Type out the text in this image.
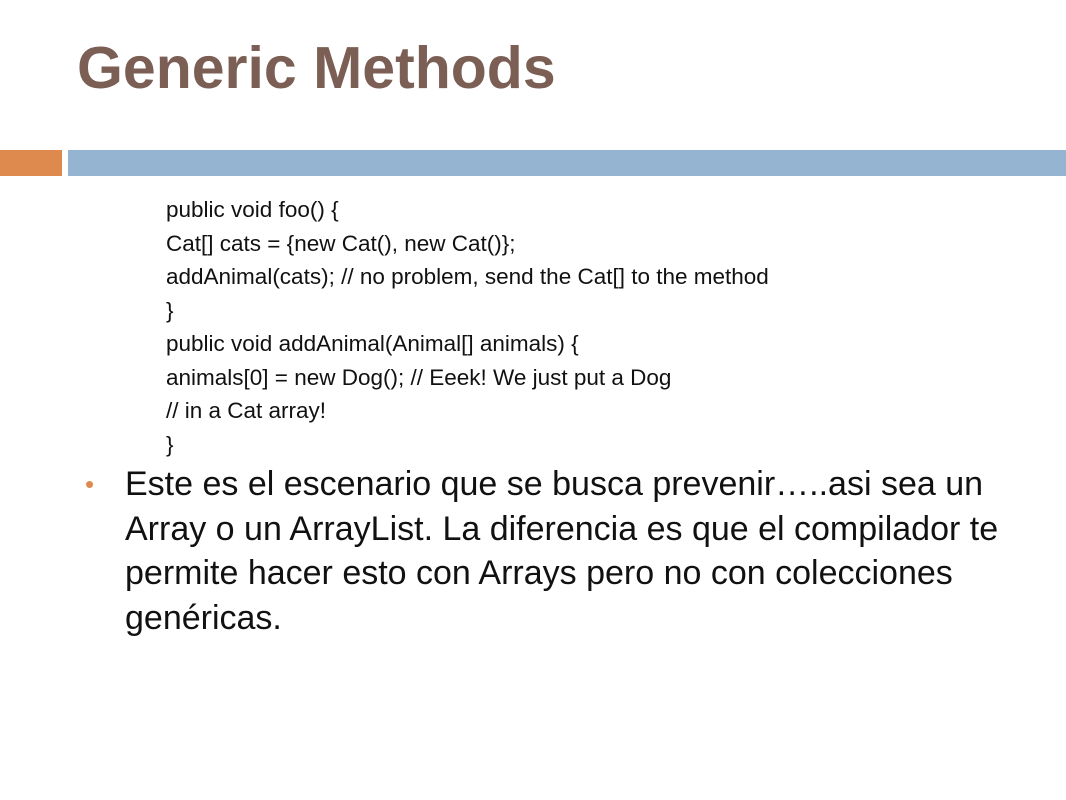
Generic Methods
public void foo() {
Cat[] cats = {new Cat(), new Cat()};
addAnimal(cats); // no problem, send the Cat[] to the method
}
public void addAnimal(Animal[] animals) {
animals[0] = new Dog(); // Eeek! We just put a Dog
// in a Cat array!
}
• Este es el escenario que se busca prevenir…..asi sea un Array o un ArrayList. La diferencia es que el compilador te permite hacer esto con Arrays pero no con colecciones genéricas.
